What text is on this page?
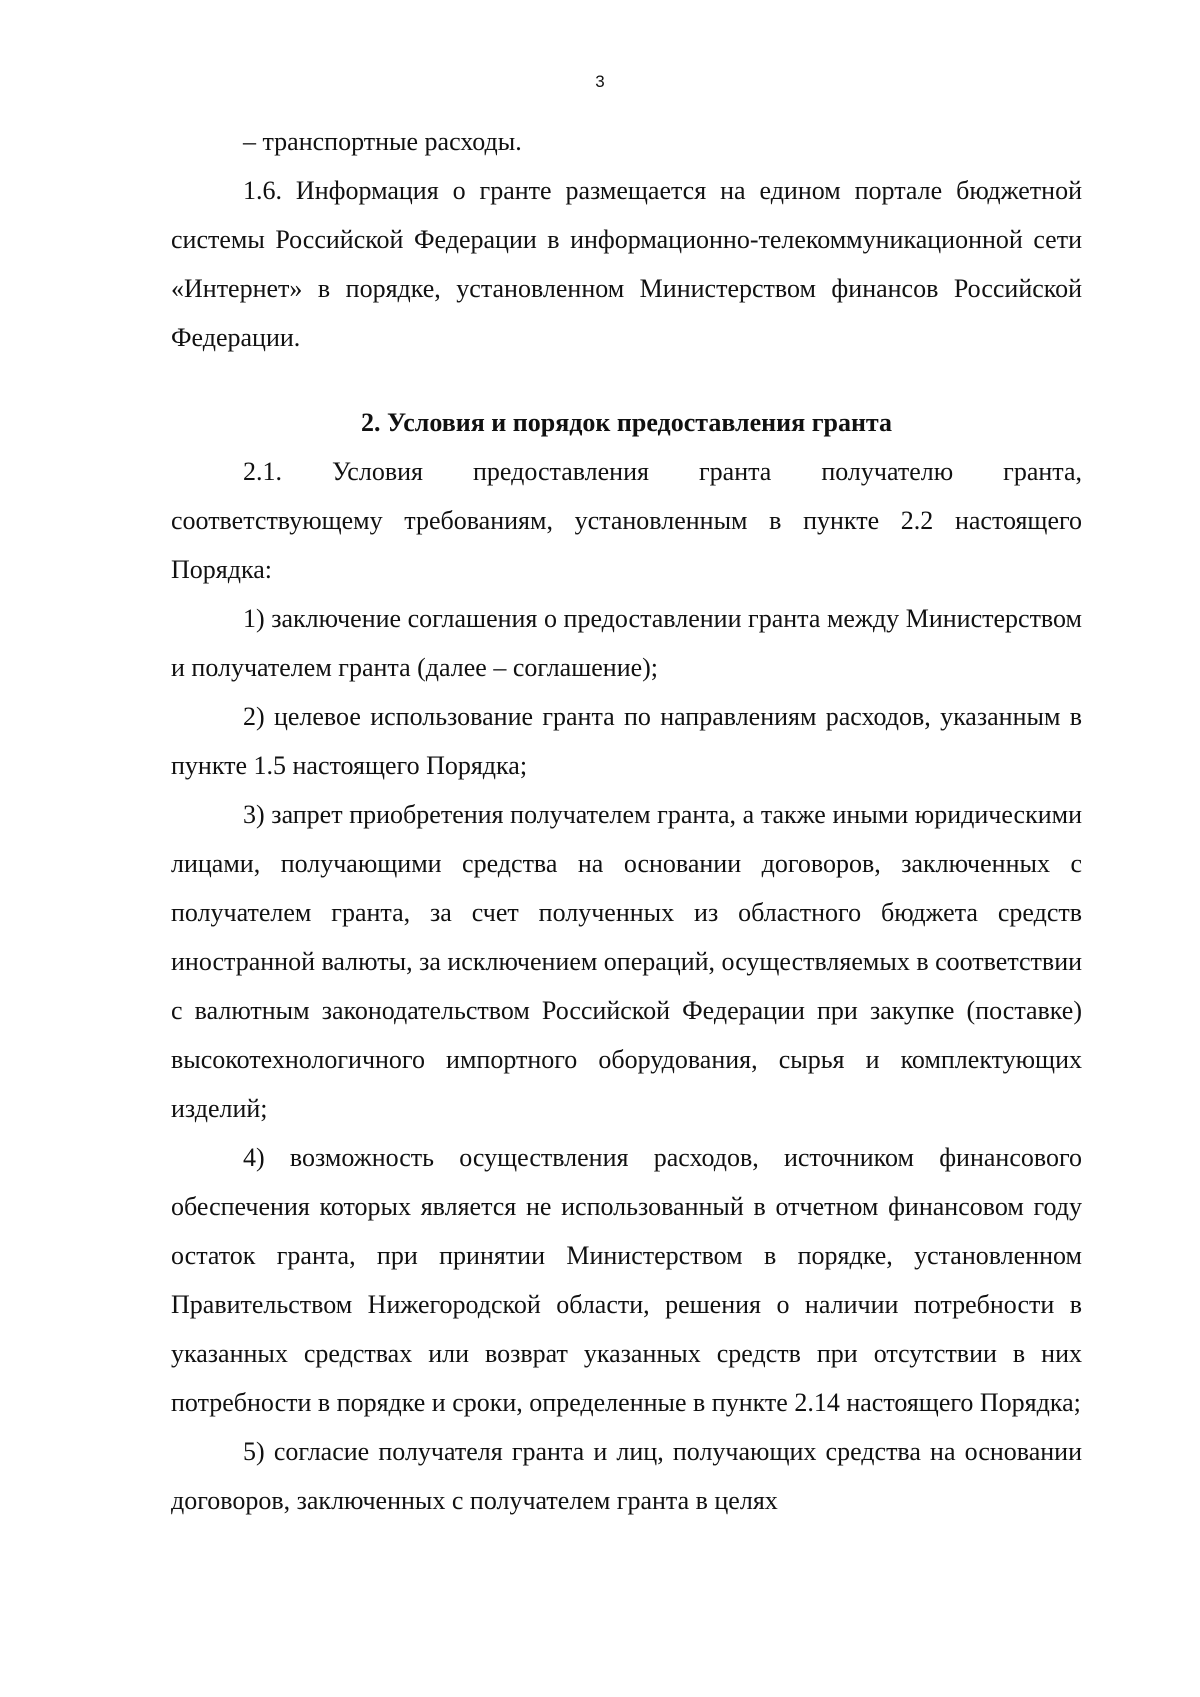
3

– транспортные расходы.

1.6. Информация о гранте размещается на едином портале бюджетной системы Российской Федерации в информационно-телекоммуникационной сети «Интернет» в порядке, установленном Министерством финансов Российской Федерации.

2. Условия и порядок предоставления гранта

2.1. Условия предоставления гранта получателю гранта, соответствующему требованиям, установленным в пункте 2.2 настоящего Порядка:

1) заключение соглашения о предоставлении гранта между Министерством и получателем гранта (далее – соглашение);

2) целевое использование гранта по направлениям расходов, указанным в пункте 1.5 настоящего Порядка;

3) запрет приобретения получателем гранта, а также иными юридическими лицами, получающими средства на основании договоров, заключенных с получателем гранта, за счет полученных из областного бюджета средств иностранной валюты, за исключением операций, осуществляемых в соответствии с валютным законодательством Российской Федерации при закупке (поставке) высокотехнологичного импортного оборудования, сырья и комплектующих изделий;

4) возможность осуществления расходов, источником финансового обеспечения которых является не использованный в отчетном финансовом году остаток гранта, при принятии Министерством в порядке, установленном Правительством Нижегородской области, решения о наличии потребности в указанных средствах или возврат указанных средств при отсутствии в них потребности в порядке и сроки, определенные в пункте 2.14 настоящего Порядка;

5) согласие получателя гранта и лиц, получающих средства на основании договоров, заключенных с получателем гранта в целях
